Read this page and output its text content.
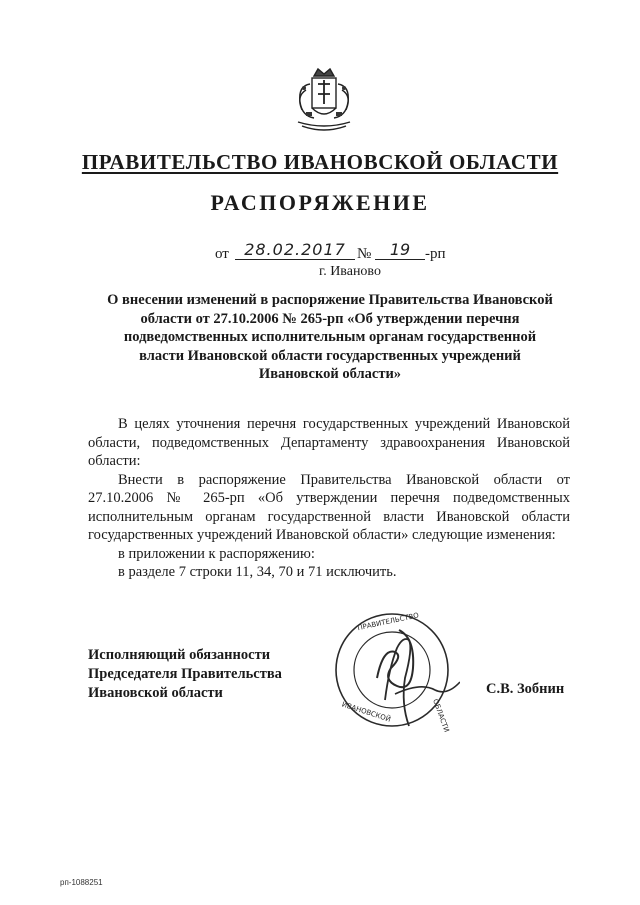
ПРАВИТЕЛЬСТВО ИВАНОВСКОЙ ОБЛАСТИ
РАСПОРЯЖЕНИЕ
от 28.02.2017 №	19 -рп
г. Иваново
О внесении изменений в распоряжение Правительства Ивановской области от 27.10.2006 № 265-рп «Об утверждении перечня подведомственных исполнительным органам государственной власти Ивановской области государственных учреждений Ивановской области»

В целях уточнения перечня государственных учреждений Ивановской области, подведомственных Департаменту здравоохранения Ивановской области:

Внести в распоряжение Правительства Ивановской области от 27.10.2006 № 265-рп «Об утверждении перечня подведомственных исполнительным органам государственной власти Ивановской области государственных учреждений Ивановской области» следующие изменения:

в приложении к распоряжению:

в разделе 7 строки 11, 34, 70 и 71 исключить.

Исполняющий обязанности
Председателя Правительства
Ивановской области
ПРАВИТЕЛЬСТВО
ИВАНОВСКОЙ	ОБЛАСТИ
С.В. Зобнин
рп-1088251
